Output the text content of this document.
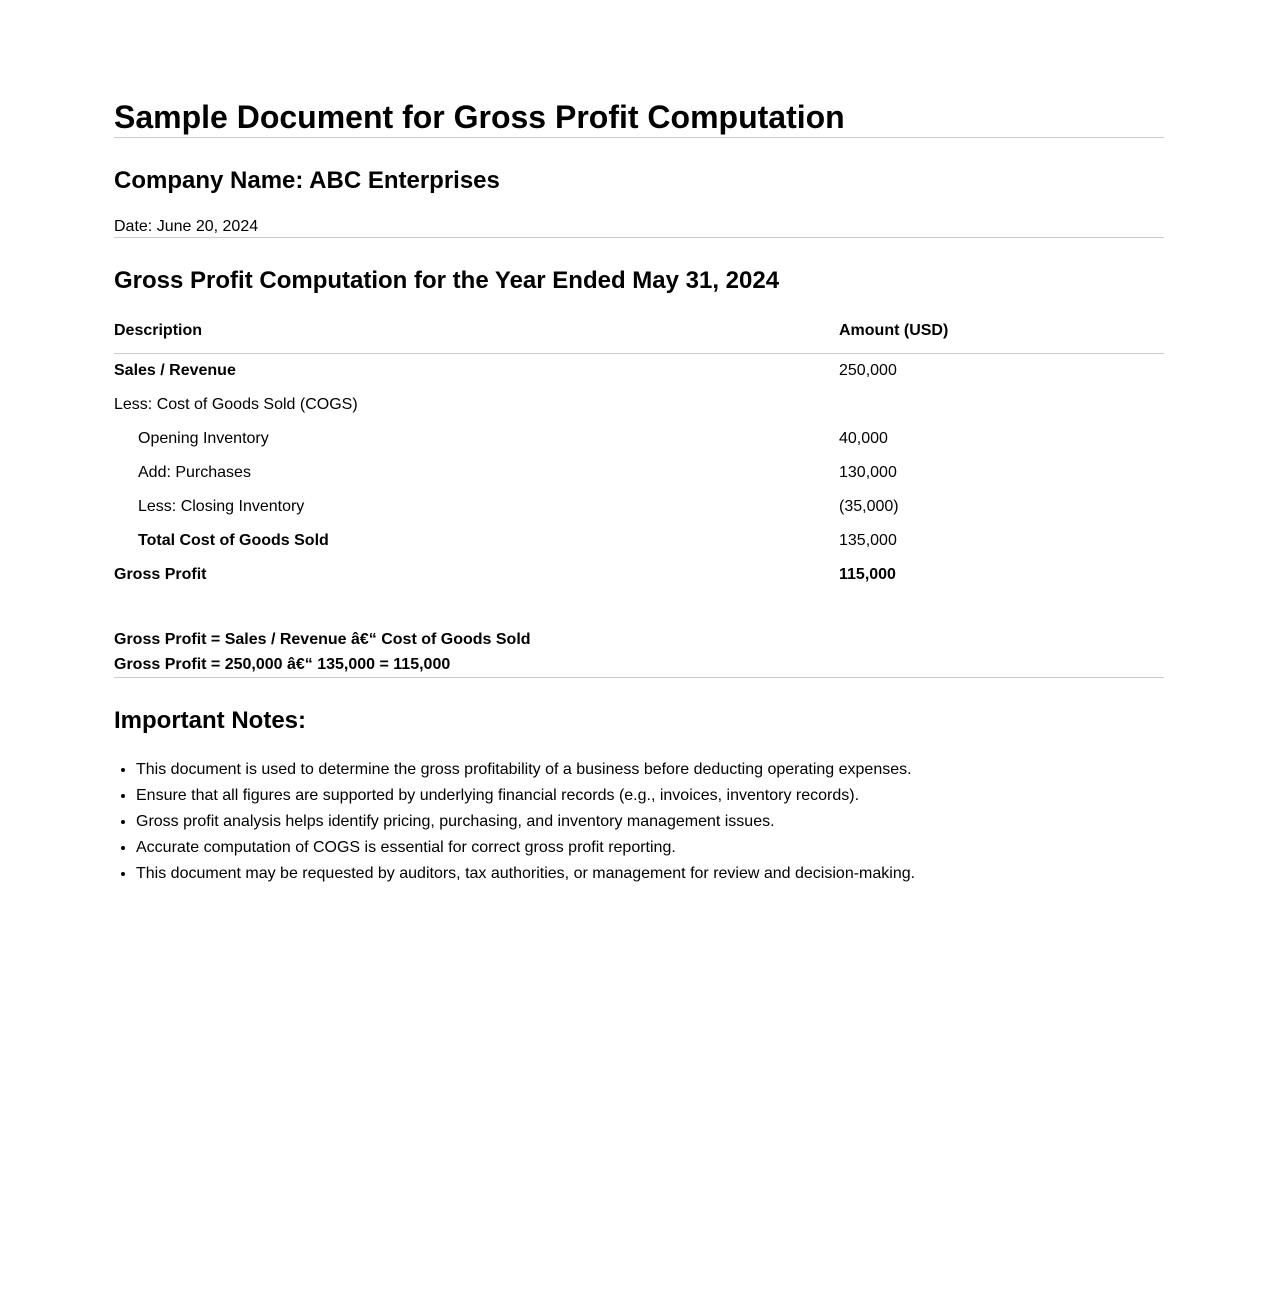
Sample Document for Gross Profit Computation
Company Name: ABC Enterprises
Date: June 20, 2024
Gross Profit Computation for the Year Ended May 31, 2024
Description	Amount (USD)
Sales / Revenue	250,000
Less: Cost of Goods Sold (COGS)	
Opening Inventory	40,000
Add: Purchases	130,000
Less: Closing Inventory	(35,000)
Total Cost of Goods Sold	135,000
Gross Profit	115,000
Gross Profit = Sales / Revenue â€“ Cost of Goods Sold
Gross Profit = 250,000 â€“ 135,000 = 115,000
Important Notes:
• This document is used to determine the gross profitability of a business before deducting operating expenses.
• Ensure that all figures are supported by underlying financial records (e.g., invoices, inventory records).
• Gross profit analysis helps identify pricing, purchasing, and inventory management issues.
• Accurate computation of COGS is essential for correct gross profit reporting.
• This document may be requested by auditors, tax authorities, or management for review and decision-making.
